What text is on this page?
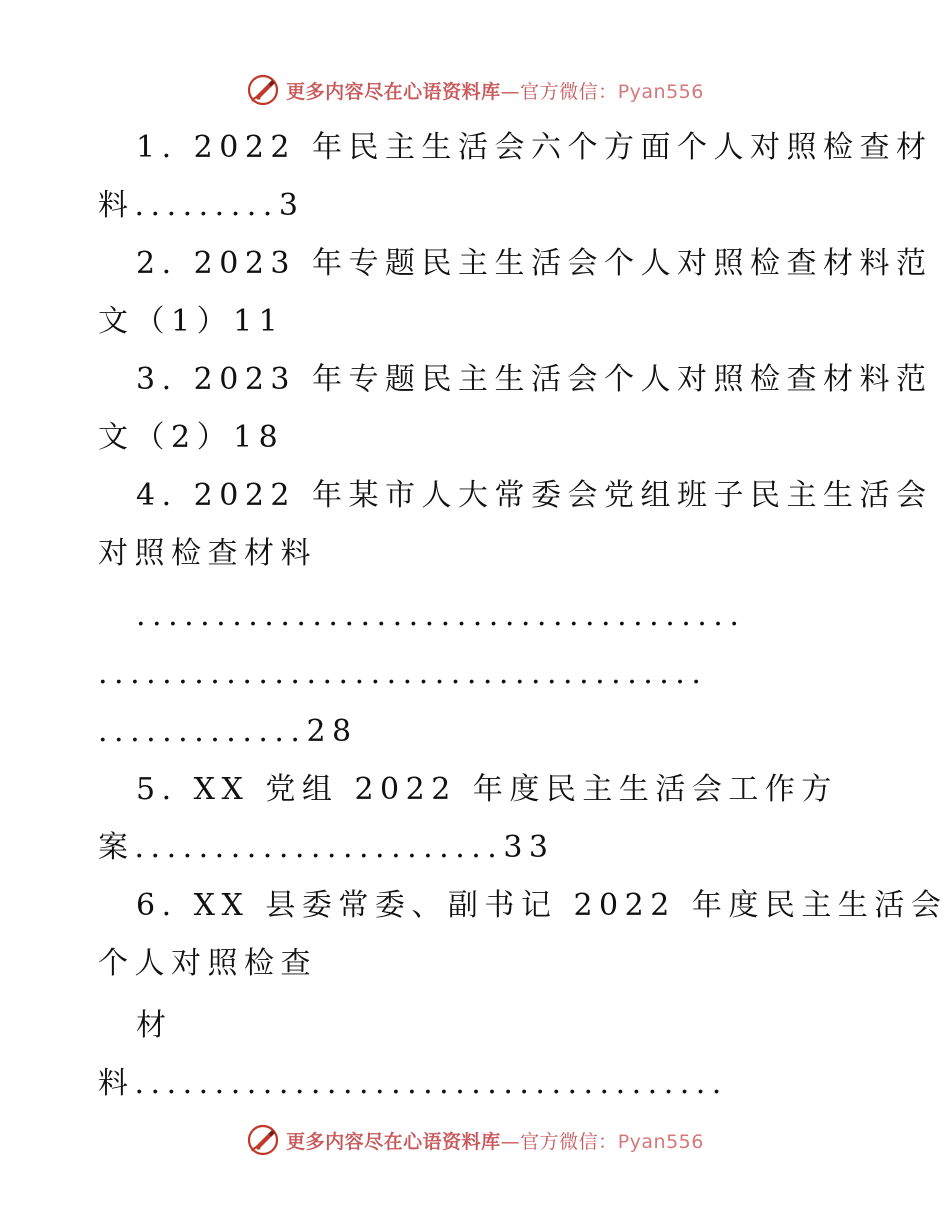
更多内容尽在心语资料库—官方微信：Pyan556
1. 2022 年民主生活会六个方面个人对照检查材
料.........3
2. 2023 年专题民主生活会个人对照检查材料范
文（1）11
3. 2023 年专题民主生活会个人对照检查材料范
文（2）18
4. 2022 年某市人大常委会党组班子民主生活会
对照检查材料
......................................
......................................
.............28
5. XX 党组 2022 年度民主生活会工作方
案.......................33
6. XX 县委常委、副书记 2022 年度民主生活会
个人对照检查
材
料.....................................
更多内容尽在心语资料库—官方微信：Pyan556
